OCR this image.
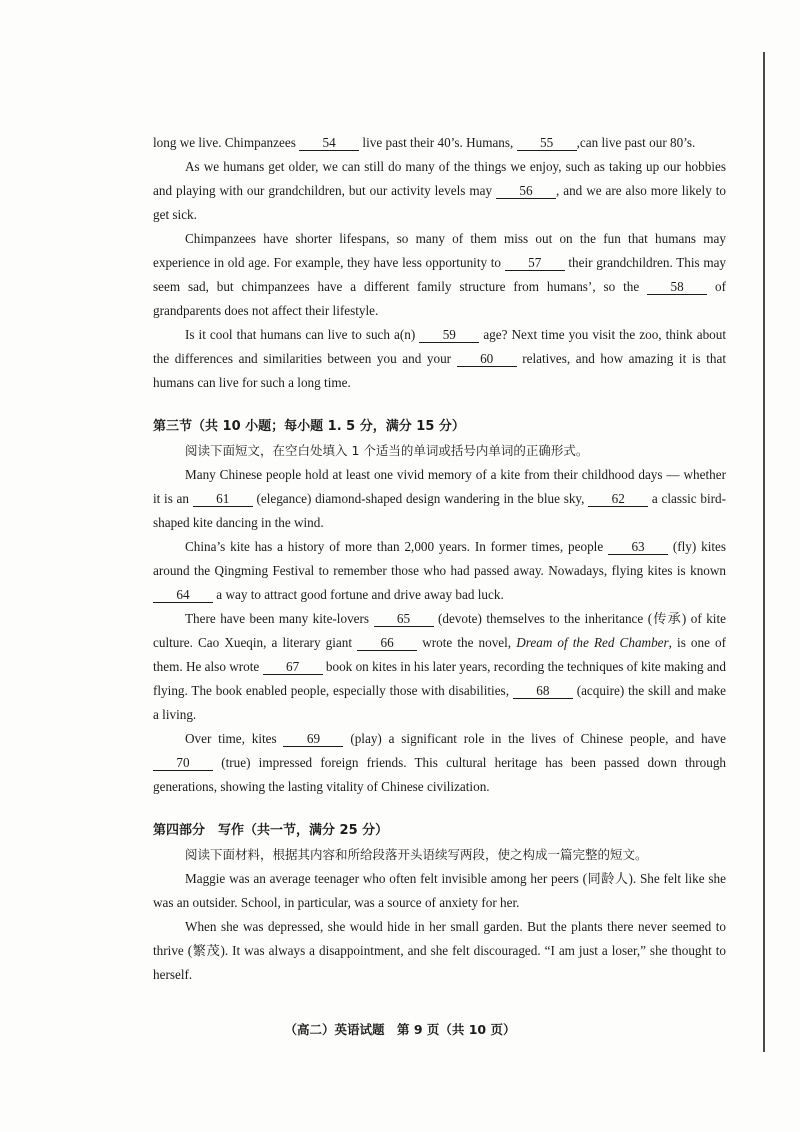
long we live. Chimpanzees 54 live past their 40’s. Humans, 55 ,can live past our 80’s.

As we humans get older, we can still do many of the things we enjoy, such as taking up our hobbies and playing with our grandchildren, but our activity levels may 56 , and we are also more likely to get sick.

Chimpanzees have shorter lifespans, so many of them miss out on the fun that humans may experience in old age. For example, they have less opportunity to 57 their grandchildren. This may seem sad, but chimpanzees have a different family structure from humans’, so the 58 of grandparents does not affect their lifestyle.

Is it cool that humans can live to such a(n) 59 age? Next time you visit the zoo, think about the differences and similarities between you and your 60 relatives, and how amazing it is that humans can live for such a long time.

第三节（共 10 小题；每小题 1. 5 分，满分 15 分）

阅读下面短文，在空白处填入 1 个适当的单词或括号内单词的正确形式。

Many Chinese people hold at least one vivid memory of a kite from their childhood days — whether it is an 61 (elegance) diamond-shaped design wandering in the blue sky, 62 a classic bird-shaped kite dancing in the wind.

China’s kite has a history of more than 2,000 years. In former times, people 63 (fly) kites around the Qingming Festival to remember those who had passed away. Nowadays, flying kites is known 64 a way to attract good fortune and drive away bad luck.

There have been many kite-lovers 65 (devote) themselves to the inheritance (传承) of kite culture. Cao Xueqin, a literary giant 66 wrote the novel, Dream of the Red Chamber, is one of them. He also wrote 67 book on kites in his later years, recording the techniques of kite making and flying. The book enabled people, especially those with disabilities, 68 (acquire) the skill and make a living.

Over time, kites 69 (play) a significant role in the lives of Chinese people, and have 70 (true) impressed foreign friends. This cultural heritage has been passed down through generations, showing the lasting vitality of Chinese civilization.

第四部分　写作（共一节，满分 25 分）

阅读下面材料，根据其内容和所给段落开头语续写两段，使之构成一篇完整的短文。

Maggie was an average teenager who often felt invisible among her peers (同龄人). She felt like she was an outsider. School, in particular, was a source of anxiety for her.

When she was depressed, she would hide in her small garden. But the plants there never seemed to thrive (繁茂). It was always a disappointment, and she felt discouraged. “I am just a loser,” she thought to herself.

（高二）英语试题　第 9 页（共 10 页）
